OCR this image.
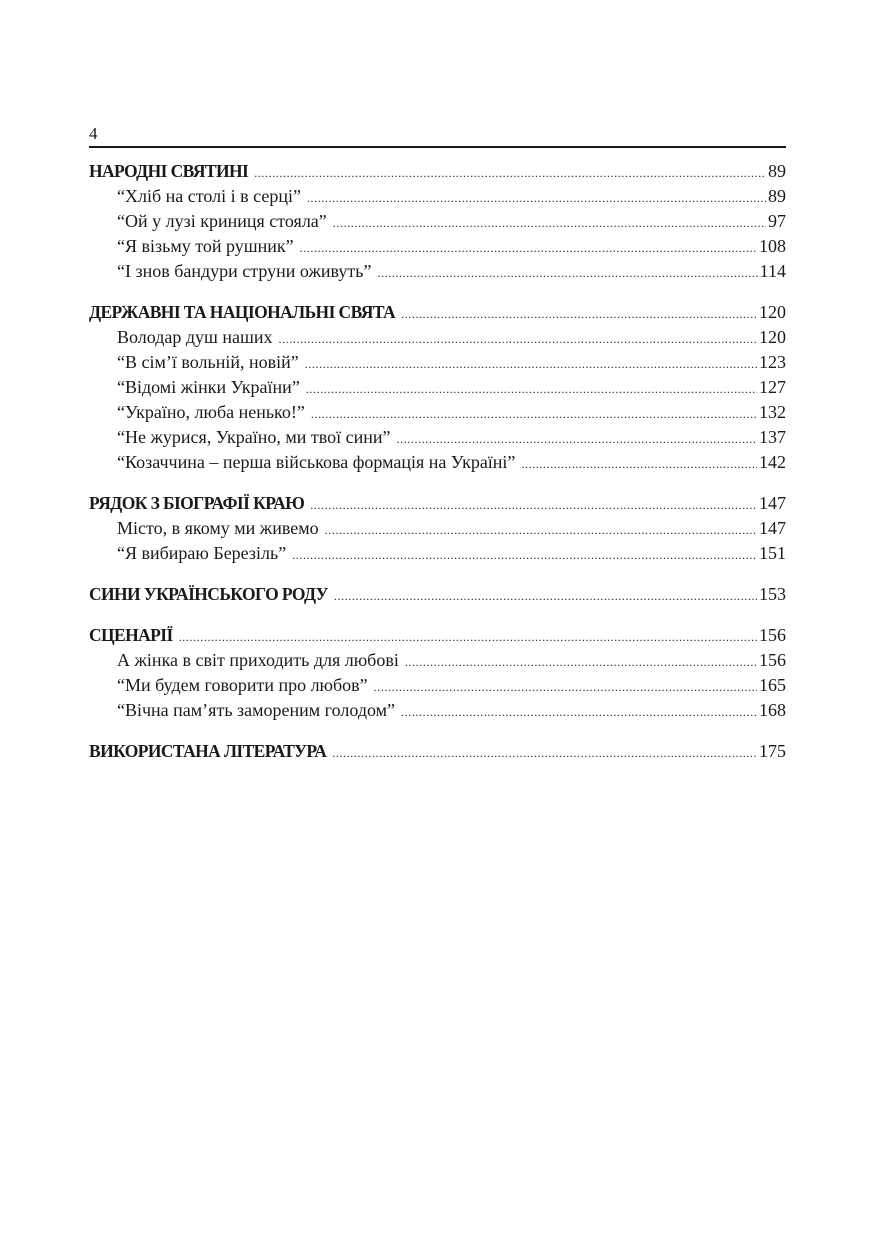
4
НАРОДНІ СВЯТИНІ .....	89
“Хліб на столі і в серці” .....	89
“Ой у лузі криниця стояла” .....	97
“Я візьму той рушник” .....	108
“І знов бандури струни оживуть” .....	114
ДЕРЖАВНІ ТА НАЦІОНАЛЬНІ СВЯТА .....	120
Володар душ наших .....	120
“В сім’ї вольній, новій” .....	123
“Відомі жінки України” .....	127
“Україно, люба ненько!” .....	132
“Не журися, Україно, ми твої сини” .....	137
“Козаччина – перша військова формація на Україні” .....	142
РЯДОК З БІОГРАФІЇ КРАЮ .....	147
Місто, в якому ми живемо .....	147
“Я вибираю Березіль” .....	151
СИНИ УКРАЇНСЬКОГО РОДУ .....	153
СЦЕНАРІЇ .....	156
А жінка в світ приходить для любові .....	156
“Ми будем говорити про любов” .....	165
“Вічна пам’ять замореним голодом” .....	168
ВИКОРИСТАНА ЛІТЕРАТУРА .....	175
